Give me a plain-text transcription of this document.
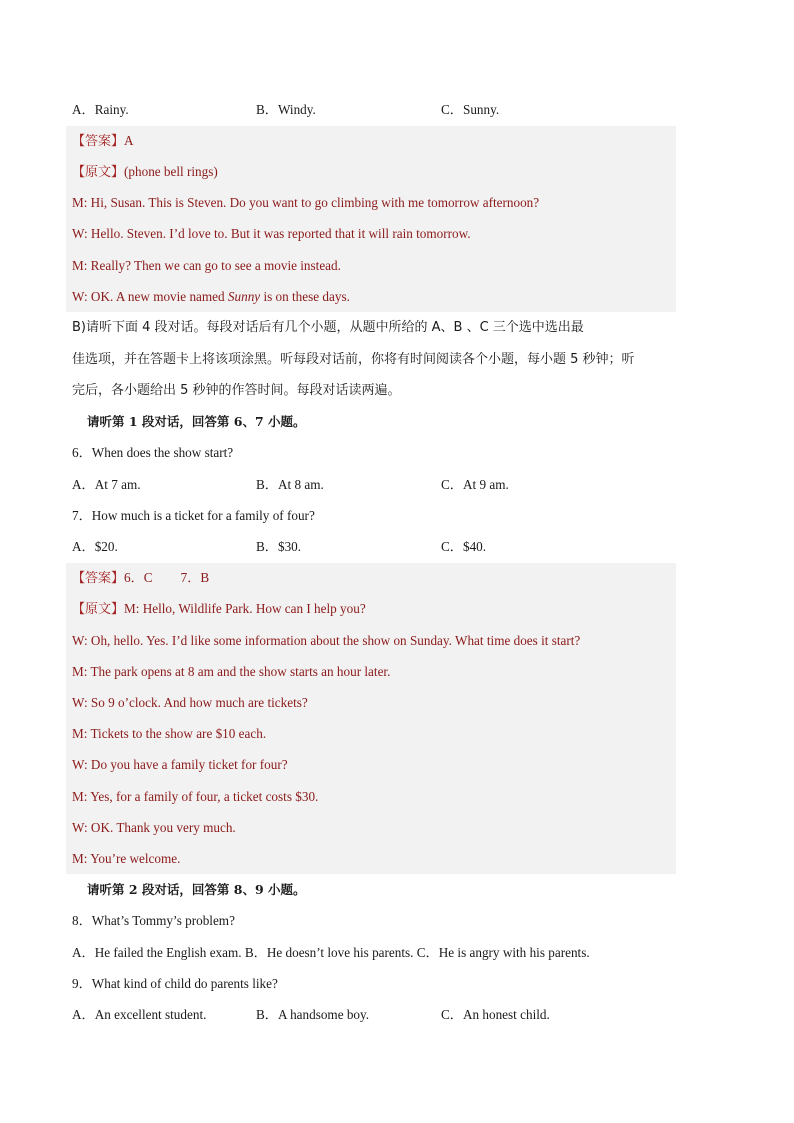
A．Rainy.	B．Windy.	C．Sunny.
【答案】A
【原文】(phone bell rings)
M: Hi, Susan. This is Steven. Do you want to go climbing with me tomorrow afternoon?
W: Hello. Steven. I’d love to. But it was reported that it will rain tomorrow.
M: Really? Then we can go to see a movie instead.
W: OK. A new movie named Sunny is on these days.
B)请听下面 4 段对话。每段对话后有几个小题，从题中所给的 A、B 、C 三个选中选出最
佳选项，并在答题卡上将该项涂黑。听每段对话前，你将有时间阅读各个小题，每小题 5 秒钟；听
完后，各小题给出 5 秒钟的作答时间。每段对话读两遍。
请听第 1 段对话，回答第 6、7 小题。
6．When does the show start?
A．At 7 am.	B．At 8 am.	C．At 9 am.
7．How much is a ticket for a family of four?
A．$20.	B．$30.	C．$40.
【答案】6．C 7．B
【原文】M: Hello, Wildlife Park. How can I help you?
W: Oh, hello. Yes. I’d like some information about the show on Sunday. What time does it start?
M: The park opens at 8 am and the show starts an hour later.
W: So 9 o’clock. And how much are tickets?
M: Tickets to the show are $10 each.
W: Do you have a family ticket for four?
M: Yes, for a family of four, a ticket costs $30.
W: OK. Thank you very much.
M: You’re welcome.
请听第 2 段对话，回答第 8、9 小题。
8．What’s Tommy’s problem?
A．He failed the English exam. B．He doesn’t love his parents. C．He is angry with his parents.
9．What kind of child do parents like?
A．An excellent student.	B．A handsome boy.	C．An honest child.
